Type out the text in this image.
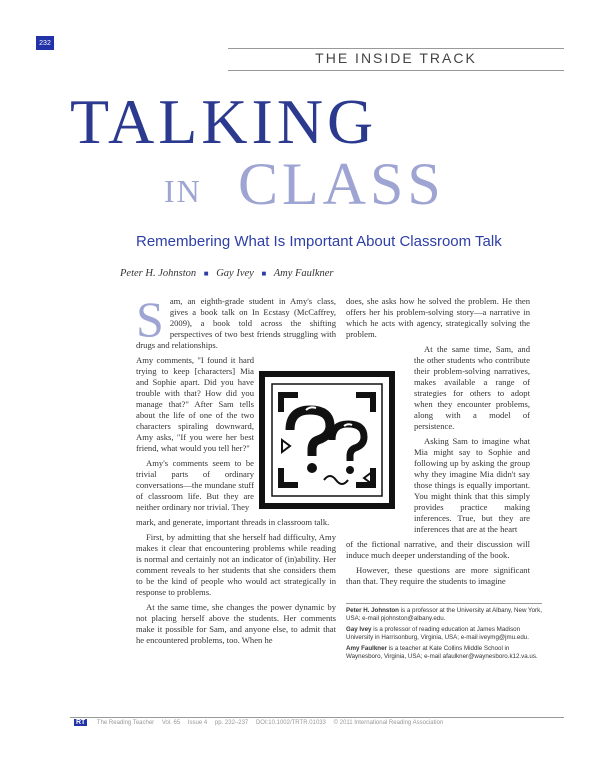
232
THE INSIDE TRACK
TALKING
IN CLASS
Remembering What Is Important About Classroom Talk
Peter H. Johnston ■ Gay Ivey ■ Amy Faulkner

Sam, an eighth-grade student in Amy's class, gives a book talk on In Ecstasy (McCaffrey, 2009), a book told across the shifting perspectives of two best friends struggling with drugs and relationships.

Amy comments, "I found it hard trying to keep [characters] Mia and Sophie apart. Did you have trouble with that? How did you manage that?" After Sam tells about the life of one of the two characters spiraling downward, Amy asks, "If you were her best friend, what would you tell her?"

Amy's comments seem to be trivial parts of ordinary conversations—the mundane stuff of classroom life. But they are neither ordinary nor trivial. They

mark, and generate, important threads in classroom talk.

First, by admitting that she herself had difficulty, Amy makes it clear that encountering problems while reading is normal and certainly not an indicator of (in)ability. Her comment reveals to her students that she considers them to be the kind of people who would act strategically in response to problems.

At the same time, she changes the power dynamic by not placing herself above the students. Her comments make it possible for Sam, and anyone else, to admit that he encountered problems, too. When he

does, she asks how he solved the problem. He then offers her his problem-solving story—a narrative in which he acts with agency, strategically solving the problem.

At the same time, Sam, and the other students who contribute their problem-solving narratives, makes available a range of strategies for others to adopt when they encounter problems, along with a model of persistence.

Asking Sam to imagine what Mia might say to Sophie and following up by asking the group why they imagine Mia didn't say those things is equally important. You might think that this simply provides practice making inferences. True, but they are inferences that are at the heart

of the fictional narrative, and their discussion will induce much deeper understanding of the book.

However, these questions are more significant than that. They require the students to imagine

Peter H. Johnston is a professor at the University at Albany, New York, USA; e-mail pjohnston@albany.edu.

Gay Ivey is a professor of reading education at James Madison University in Harrisonburg, Virginia, USA; e-mail iveymg@jmu.edu.

Amy Faulkner is a teacher at Kate Collins Middle School in Waynesboro, Virginia, USA; e-mail afaulkner@waynesboro.k12.va.us.

RT The Reading Teacher Vol. 65 Issue 4 pp. 232–237 DOI:10.1002/TRTR.01033 © 2011 International Reading Association
